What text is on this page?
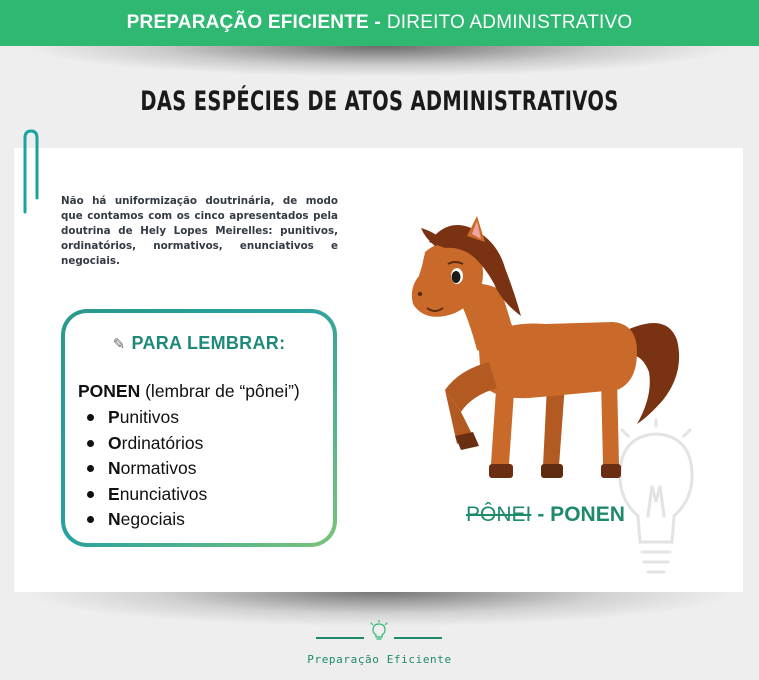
PREPARAÇÃO EFICIENTE - DIREITO ADMINISTRATIVO
DAS ESPÉCIES DE ATOS ADMINISTRATIVOS
Não há uniformização doutrinária, de modo que contamos com os cinco apresentados pela doutrina de Hely Lopes Meirelles: punitivos, ordinatórios, normativos, enunciativos e negociais.
✎ PARA LEMBRAR:
PONEN (lembrar de “pônei”)
P unitivos
O rdinatórios
N ormativos
E nunciativos
N egociais	PÔNEI - PONEN
Preparação Eficiente
